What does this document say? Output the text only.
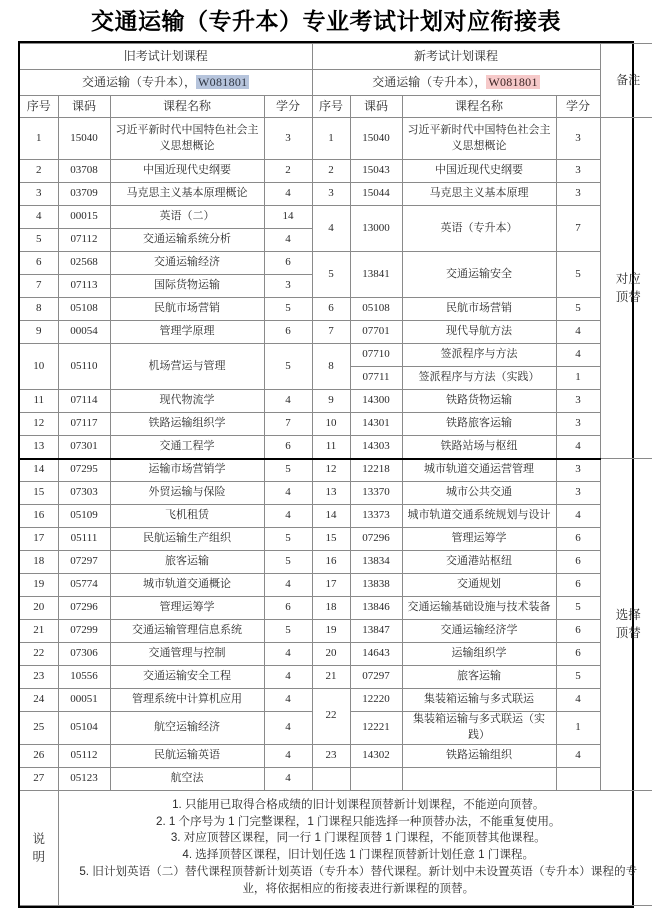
交通运输（专升本）专业考试计划对应衔接表
旧考试计划课程				新考试计划课程				备注
交通运输（专升本）， W081801				交通运输（专升本）， W081801				
序号	课码	课程名称	学分	序号	课码	课程名称	学分	
1	15040	习近平新时代中国特色社会主义思想概论	3	1	15040	习近平新时代中国特色社会主义思想概论	3	对应
顶替

2	03708	中国近现代史纲要	2	2	15043	中国近现代史纲要	3	
3	03709	马克思主义基本原理概论	4	3	15044	马克思主义基本原理	3	
4	00015	英语（二）	14	4	13000	英语（专升本）	7	
5	07112	交通运输系统分析	4					
6	02568	交通运输经济	6	5	13841	交通运输安全	5	
7	07113	国际货物运输	3					
8	05108	民航市场营销	5	6	05108	民航市场营销	5	
9	00054	管理学原理	6	7	07701	现代导航方法	4	
10	05110	机场营运与管理	5	8	07710	签派程序与方法	4	
					07711	签派程序与方法（实践）	1	
11	07114	现代物流学	4	9	14300	铁路货物运输	3	
12	07117	铁路运输组织学	7	10	14301	铁路旅客运输	3	
13	07301	交通工程学	6	11	14303	铁路站场与枢纽	4	
14	07295	运输市场营销学	5	12	12218	城市轨道交通运营管理	3	选择
顶替

15	07303	外贸运输与保险	4	13	13370	城市公共交通	3	
16	05109	飞机租赁	4	14	13373	城市轨道交通系统规划与设计	4	
17	05111	民航运输生产组织	5	15	07296	管理运筹学	6	
18	07297	旅客运输	5	16	13834	交通港站枢纽	6	
19	05774	城市轨道交通概论	4	17	13838	交通规划	6	
20	07296	管理运筹学	6	18	13846	交通运输基础设施与技术装备	5	
21	07299	交通运输管理信息系统	5	19	13847	交通运输经济学	6	
22	07306	交通管理与控制	4	20	14643	运输组织学	6	
23	10556	交通运输安全工程	4	21	07297	旅客运输	5	
24	00051	管理系统中计算机应用	4	22	12220	集装箱运输与多式联运	4	
25	05104	航空运输经济	4		12221	集装箱运输与多式联运（实践）	1	
26	05112	民航运输英语	4	23	14302	铁路运输组织	4	
27	05123	航空法	4					

说
明

1. 只能用已取得合格成绩的旧计划课程顶替新计划课程，不能逆向顶替。
2. 1 个序号为 1 门完整课程，1 门课程只能选择一种顶替办法，不能重复使用。
3. 对应顶替区课程，同一行 1 门课程顶替 1 门课程，不能顶替其他课程。
4. 选择顶替区课程，旧计划任选 1 门课程顶替新计划任意 1 门课程。
5. 旧计划英语（二）替代课程顶替新计划英语（专升本）替代课程。新计划中未设置英语（专升本）课程的专业，将依据相应的衔接表进行新课程的顶替。
